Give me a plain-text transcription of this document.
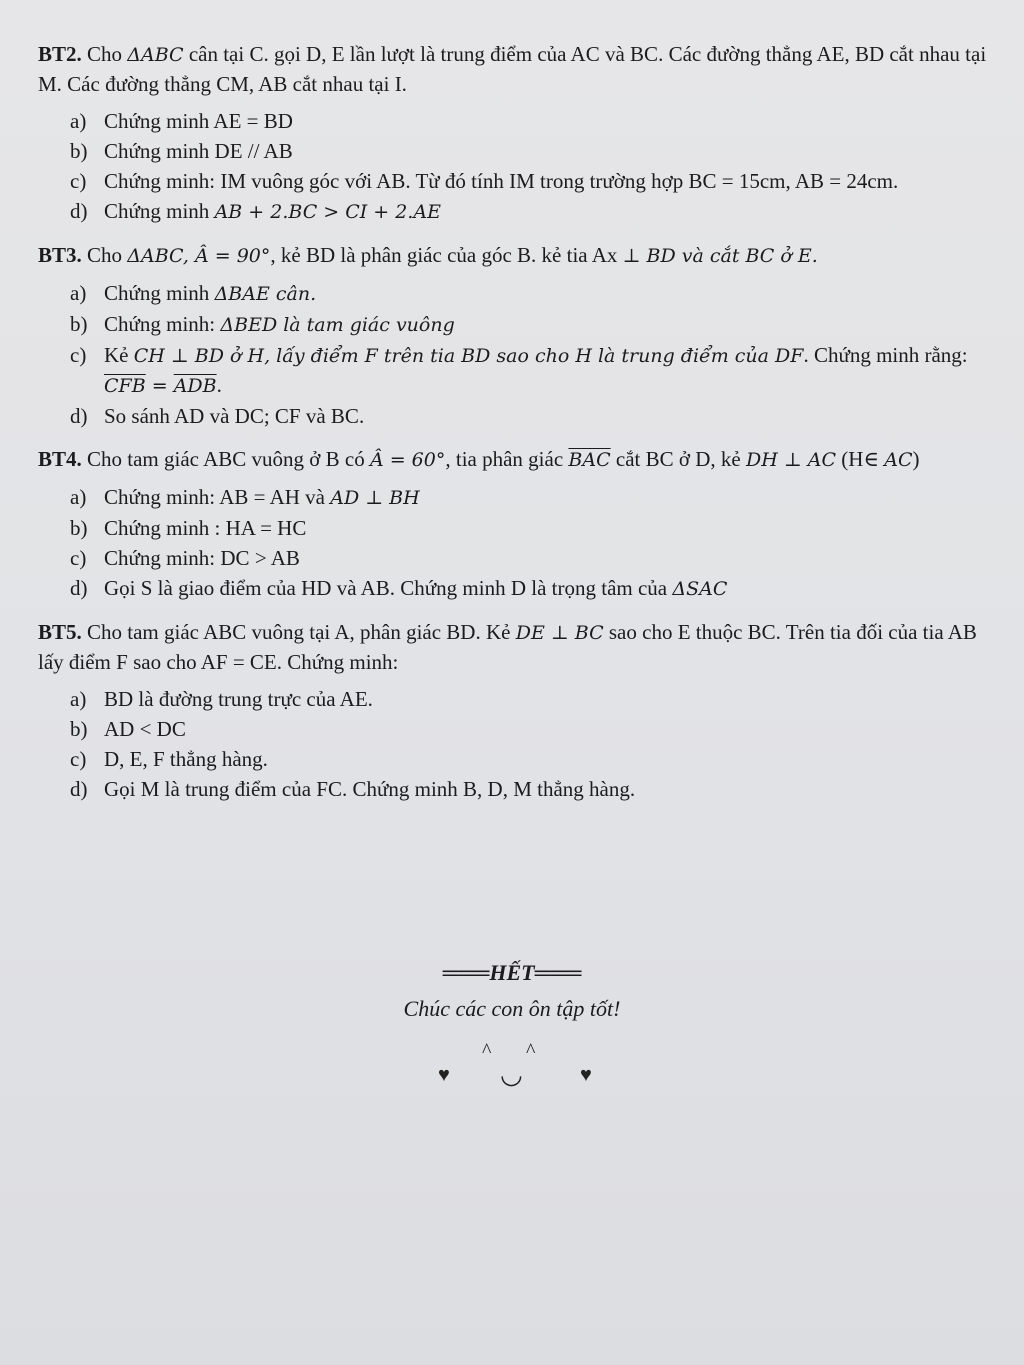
BT2. Cho ΔABC cân tại C. gọi D, E lần lượt là trung điểm của AC và BC. Các đường thẳng AE, BD cắt nhau tại M. Các đường thẳng CM, AB cắt nhau tại I.

a) Chứng minh AE = BD
b) Chứng minh DE // AB
c) Chứng minh: IM vuông góc với AB. Từ đó tính IM trong trường hợp BC = 15cm, AB = 24cm.
d) Chứng minh AB + 2.BC > CI + 2.AE

BT3. Cho ΔABC, Â = 90°, kẻ BD là phân giác của góc B. kẻ tia Ax ⊥ BD và cắt BC ở E.

a) Chứng minh ΔBAE cân.
b) Chứng minh: ΔBED là tam giác vuông
c) Kẻ CH ⊥ BD ở H, lấy điểm F trên tia BD sao cho H là trung điểm của DF. Chứng minh rằng: $\overline{CFB} = \overline{ADB}$.
d) So sánh AD và DC; CF và BC.

BT4. Cho tam giác ABC vuông ở B có Â = 60°, tia phân giác $\overline{BAC}$ cắt BC ở D, kẻ DH ⊥ AC (H∈ AC)

a) Chứng minh: AB = AH và AD ⊥ BH
b) Chứng minh : HA = HC
c) Chứng minh: DC > AB
d) Gọi S là giao điểm của HD và AB. Chứng minh D là trọng tâm của ΔSAC

BT5. Cho tam giác ABC vuông tại A, phân giác BD. Kẻ DE ⊥ BC sao cho E thuộc BC. Trên tia đối của tia AB lấy điểm F sao cho AF = CE. Chứng minh:

a) BD là đường trung trực của AE.
b) AD < DC
c) D, E, F thẳng hàng.
d) Gọi M là trung điểm của FC. Chứng minh B, D, M thẳng hàng.
═══HẾT═══
Chúc các con ôn tập tốt!
♥
^ ^
◡	♥
